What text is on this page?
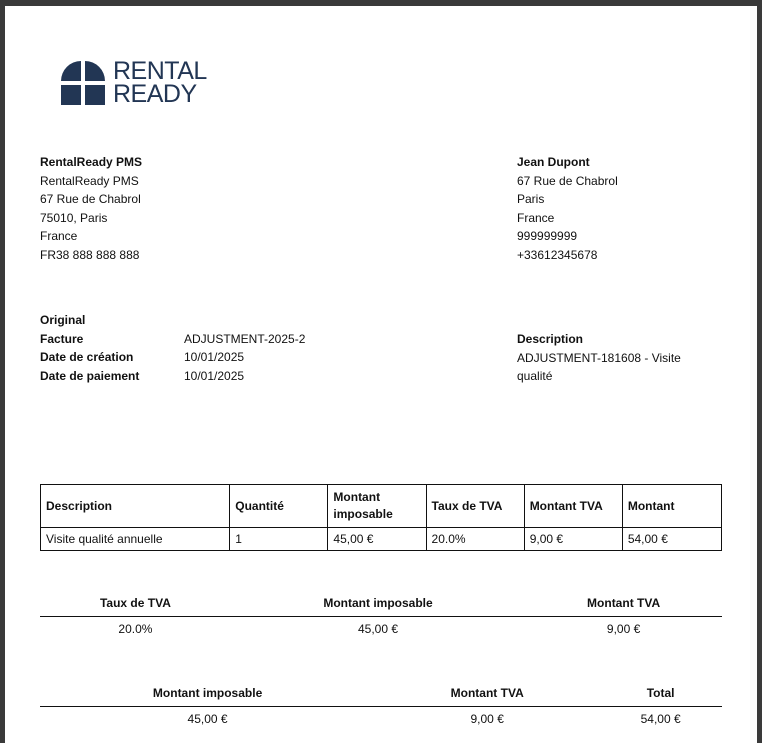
RENTAL
READY
RentalReady PMS
RentalReady PMS
67 Rue de Chabrol
75010, Paris
France
FR38 888 888 888
Jean Dupont
67 Rue de Chabrol
Paris
France
999999999
+33612345678
Original
Facture	ADJUSTMENT-2025-2
Date de création	10/01/2025
Date de paiement	10/01/2025
Description
ADJUSTMENT-181608 - Visite qualité
Description	Quantité	Montant imposable	Taux de TVA	Montant TVA	Montant
Visite qualité annuelle	1	45,00 €	20.0%	9,00 €	54,00 €
Taux de TVA	Montant imposable	Montant TVA
20.0%	45,00 €	9,00 €
Montant imposable	Montant TVA	Total
45,00 €	9,00 €	54,00 €
